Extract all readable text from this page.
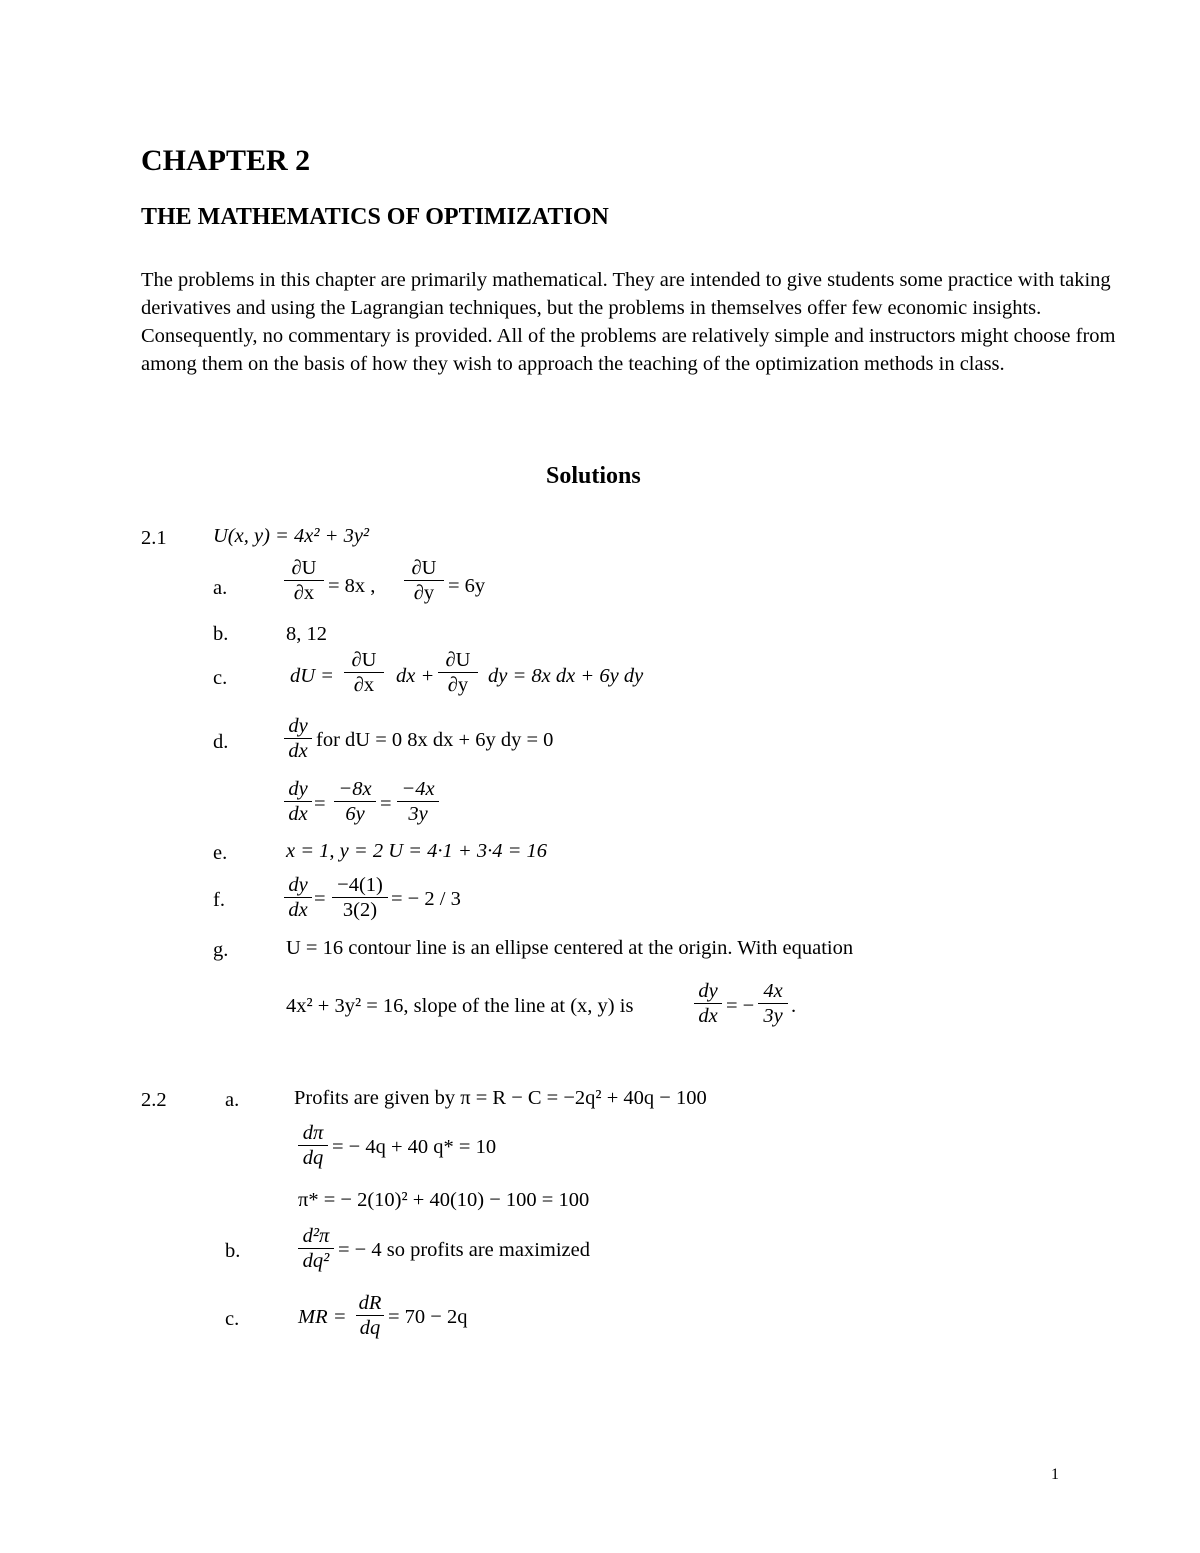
CHAPTER 2
THE MATHEMATICS OF OPTIMIZATION

The problems in this chapter are primarily mathematical. They are intended to give students some practice with taking derivatives and using the Lagrangian techniques, but the problems in themselves offer few economic insights. Consequently, no commentary is provided. All of the problems are relatively simple and instructors might choose from among them on the basis of how they wish to approach the teaching of the optimization methods in class.

Solutions
2.1 U(x, y) = 4x² + 3y²
a.
∂U
∂x = 8x ,
∂U
∂y = 6y
b.	8, 12
c.	dU =
∂U
∂x	dx +
∂U
∂y dy = 8x dx + 6y dy
d.
dy
dx for dU = 0 8x dx + 6y dy = 0
dy
dx =
−8x
6y =
−4x
3y
e.	x = 1, y = 2 U = 4·1 + 3·4 = 16
f.
dy
dx =
−4(1)
3(2) = − 2 / 3
g.	U = 16 contour line is an ellipse centered at the origin. With equation
4x² + 3y² = 16, slope of the line at (x, y) is
dy
dx = −
4x
3y .
2.2	a.	Profits are given by π = R − C = −2q² + 40q − 100
dπ
dq = − 4q + 40 q* = 10
π* = − 2(10)² + 40(10) − 100 = 100
b.
d²π
dq² = − 4 so profits are maximized
c.	MR =
dR
dq = 70 − 2q
1
